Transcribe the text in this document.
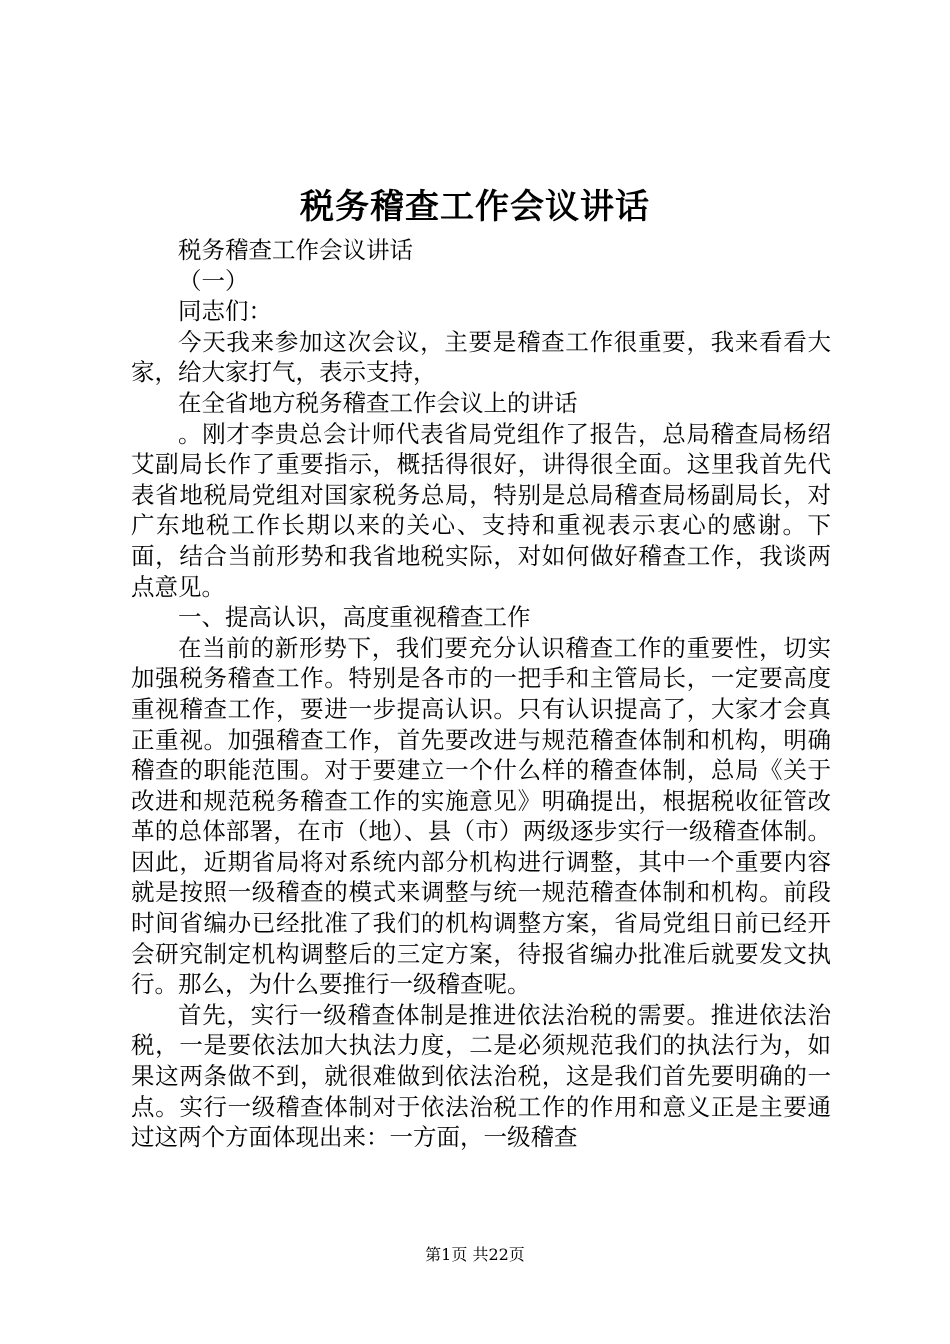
税务稽查工作会议讲话

税务稽查工作会议讲话

（一）

同志们：

今天我来参加这次会议，主要是稽查工作很重要，我来看看大家，给大家打气，表示支持，

在全省地方税务稽查工作会议上的讲话

。刚才李贵总会计师代表省局党组作了报告，总局稽查局杨绍艾副局长作了重要指示，概括得很好，讲得很全面。这里我首先代表省地税局党组对国家税务总局，特别是总局稽查局杨副局长，对广东地税工作长期以来的关心、支持和重视表示衷心的感谢。下面，结合当前形势和我省地税实际，对如何做好稽查工作，我谈两点意见。

一、提高认识，高度重视稽查工作

在当前的新形势下，我们要充分认识稽查工作的重要性，切实加强税务稽查工作。特别是各市的一把手和主管局长，一定要高度重视稽查工作，要进一步提高认识。只有认识提高了，大家才会真正重视。加强稽查工作，首先要改进与规范稽查体制和机构，明确稽查的职能范围。对于要建立一个什么样的稽查体制，总局《关于改进和规范税务稽查工作的实施意见》明确提出，根据税收征管改革的总体部署，在市（地）、县（市）两级逐步实行一级稽查体制。因此，近期省局将对系统内部分机构进行调整，其中一个重要内容就是按照一级稽查的模式来调整与统一规范稽查体制和机构。前段时间省编办已经批准了我们的机构调整方案，省局党组日前已经开会研究制定机构调整后的三定方案，待报省编办批准后就要发文执行。那么，为什么要推行一级稽查呢。

首先，实行一级稽查体制是推进依法治税的需要。推进依法治税，一是要依法加大执法力度，二是必须规范我们的执法行为，如果这两条做不到，就很难做到依法治税，这是我们首先要明确的一点。实行一级稽查体制对于依法治税工作的作用和意义正是主要通过这两个方面体现出来：一方面，一级稽查

第1页 共22页
